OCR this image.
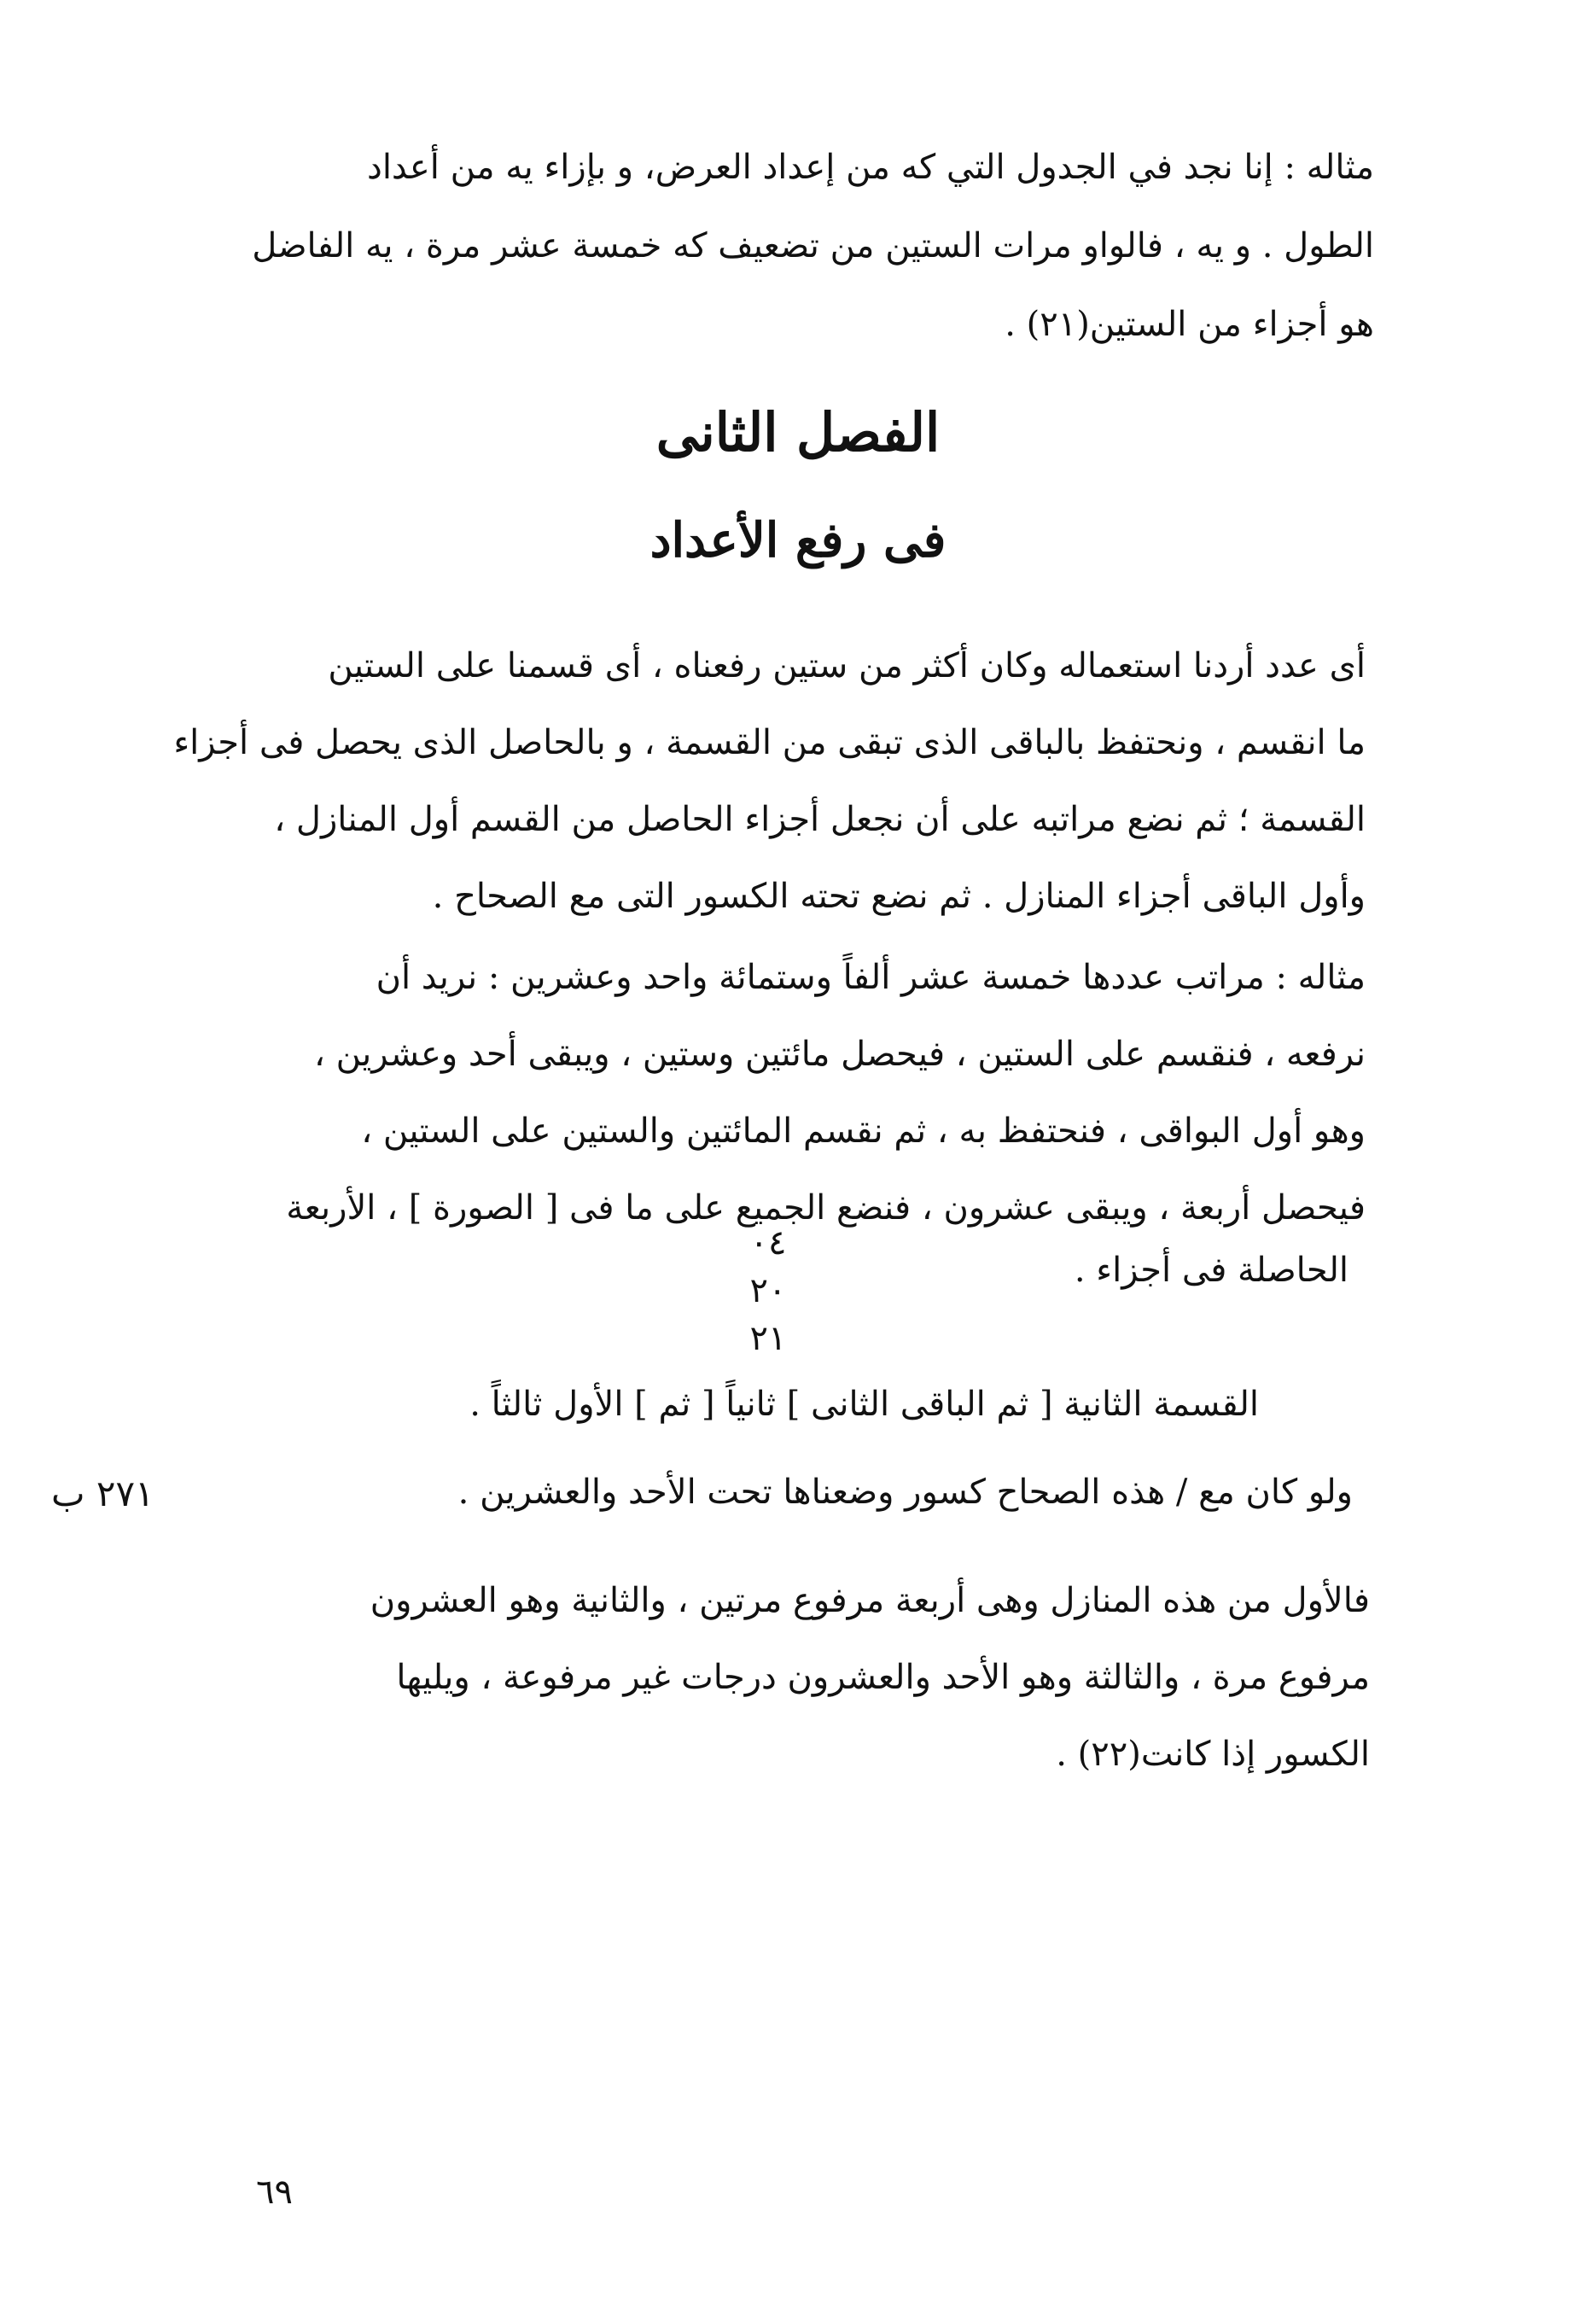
مثاله : إنا نجد في الجدول التي كه من إعداد العرض، و بإزاء يه من أعداد
الطول . و يه ، فالواو مرات الستين من تضعيف كه خمسة عشر مرة ، يه الفاضل
هو أجزاء من الستين(٢١) .
الفصل الثانى
فى رفع الأعداد
أى عدد أردنا استعماله وكان أكثر من ستين رفعناه ، أى قسمنا على الستين
ما انقسم ، ونحتفظ بالباقى الذى تبقى من القسمة ، و بالحاصل الذى يحصل فى أجزاء
القسمة ؛ ثم نضع مراتبه على أن نجعل أجزاء الحاصل من القسم أول المنازل ،
وأول الباقى أجزاء المنازل . ثم نضع تحته الكسور التى مع الصحاح .
مثاله : مراتب عددها خمسة عشر ألفاً وستمائة واحد وعشرين : نريد أن
نرفعه ، فنقسم على الستين ، فيحصل مائتين وستين ، ويبقى أحد وعشرين ،
وهو أول البواقى ، فنحتفظ به ، ثم نقسم المائتين والستين على الستين ،
فيحصل أربعة ، ويبقى عشرون ، فنضع الجميع على ما فى [ الصورة ] ، الأربعة
الحاصلة فى أجزاء .
٠٤
٢٠
٢١
القسمة الثانية [ ثم الباقى الثانى ] ثانياً [ ثم ] الأول ثالثاً .
ولو كان مع / هذه الصحاح كسور وضعناها تحت الأحد والعشرين .
٢٧١ ب
فالأول من هذه المنازل وهى أربعة مرفوع مرتين ، والثانية وهو العشرون
مرفوع مرة ، والثالثة وهو الأحد والعشرون درجات غير مرفوعة ، ويليها
الكسور إذا كانت(٢٢) .
٦٩
